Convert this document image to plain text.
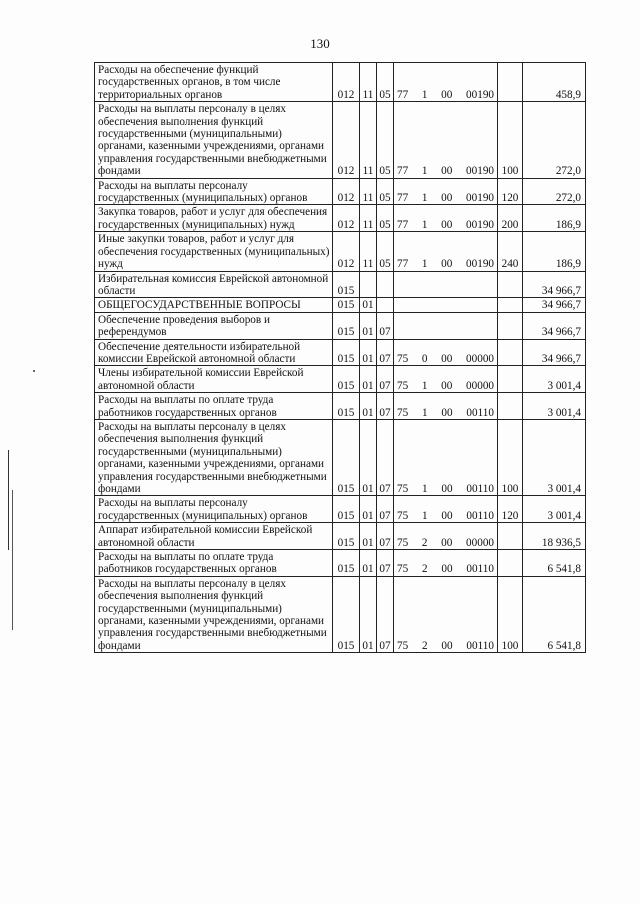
130
Расходы на обеспечение функций государственных органов, в том числе территориальных органов	012	11	05	77 1 00 00190		458,9
Расходы на выплаты персоналу в целях обеспечения выполнения функций государственными (муниципальными) органами, казенными учреждениями, органами управления государственными внебюджетными фондами	012	11	05	77 1 00 00190	100	272,0
Расходы на выплаты персоналу государственных (муниципальных) органов	012	11	05	77 1 00 00190	120	272,0
Закупка товаров, работ и услуг для обеспечения государственных (муниципальных) нужд	012	11	05	77 1 00 00190	200	186,9
Иные закупки товаров, работ и услуг для обеспечения государственных (муниципальных) нужд	012	11	05	77 1 00 00190	240	186,9
Избирательная комиссия Еврейской автономной области	015					34 966,7
ОБЩЕГОСУДАРСТВЕННЫЕ ВОПРОСЫ	015	01				34 966,7
Обеспечение проведения выборов и референдумов	015	01	07			34 966,7
Обеспечение деятельности избирательной комиссии Еврейской автономной области	015	01	07	75 0 00 00000		34 966,7
Члены избирательной комиссии Еврейской автономной области	015	01	07	75 1 00 00000		3 001,4
Расходы на выплаты по оплате труда работников государственных органов	015	01	07	75 1 00 00110		3 001,4
Расходы на выплаты персоналу в целях обеспечения выполнения функций государственными (муниципальными) органами, казенными учреждениями, органами управления государственными внебюджетными фондами	015	01	07	75 1 00 00110	100	3 001,4
Расходы на выплаты персоналу государственных (муниципальных) органов	015	01	07	75 1 00 00110	120	3 001,4
Аппарат избирательной комиссии Еврейской автономной области	015	01	07	75 2 00 00000		18 936,5
Расходы на выплаты по оплате труда работников государственных органов	015	01	07	75 2 00 00110		6 541,8
Расходы на выплаты персоналу в целях обеспечения выполнения функций государственными (муниципальными) органами, казенными учреждениями, органами управления государственными внебюджетными фондами	015	01	07	75 2 00 00110	100	6 541,8
